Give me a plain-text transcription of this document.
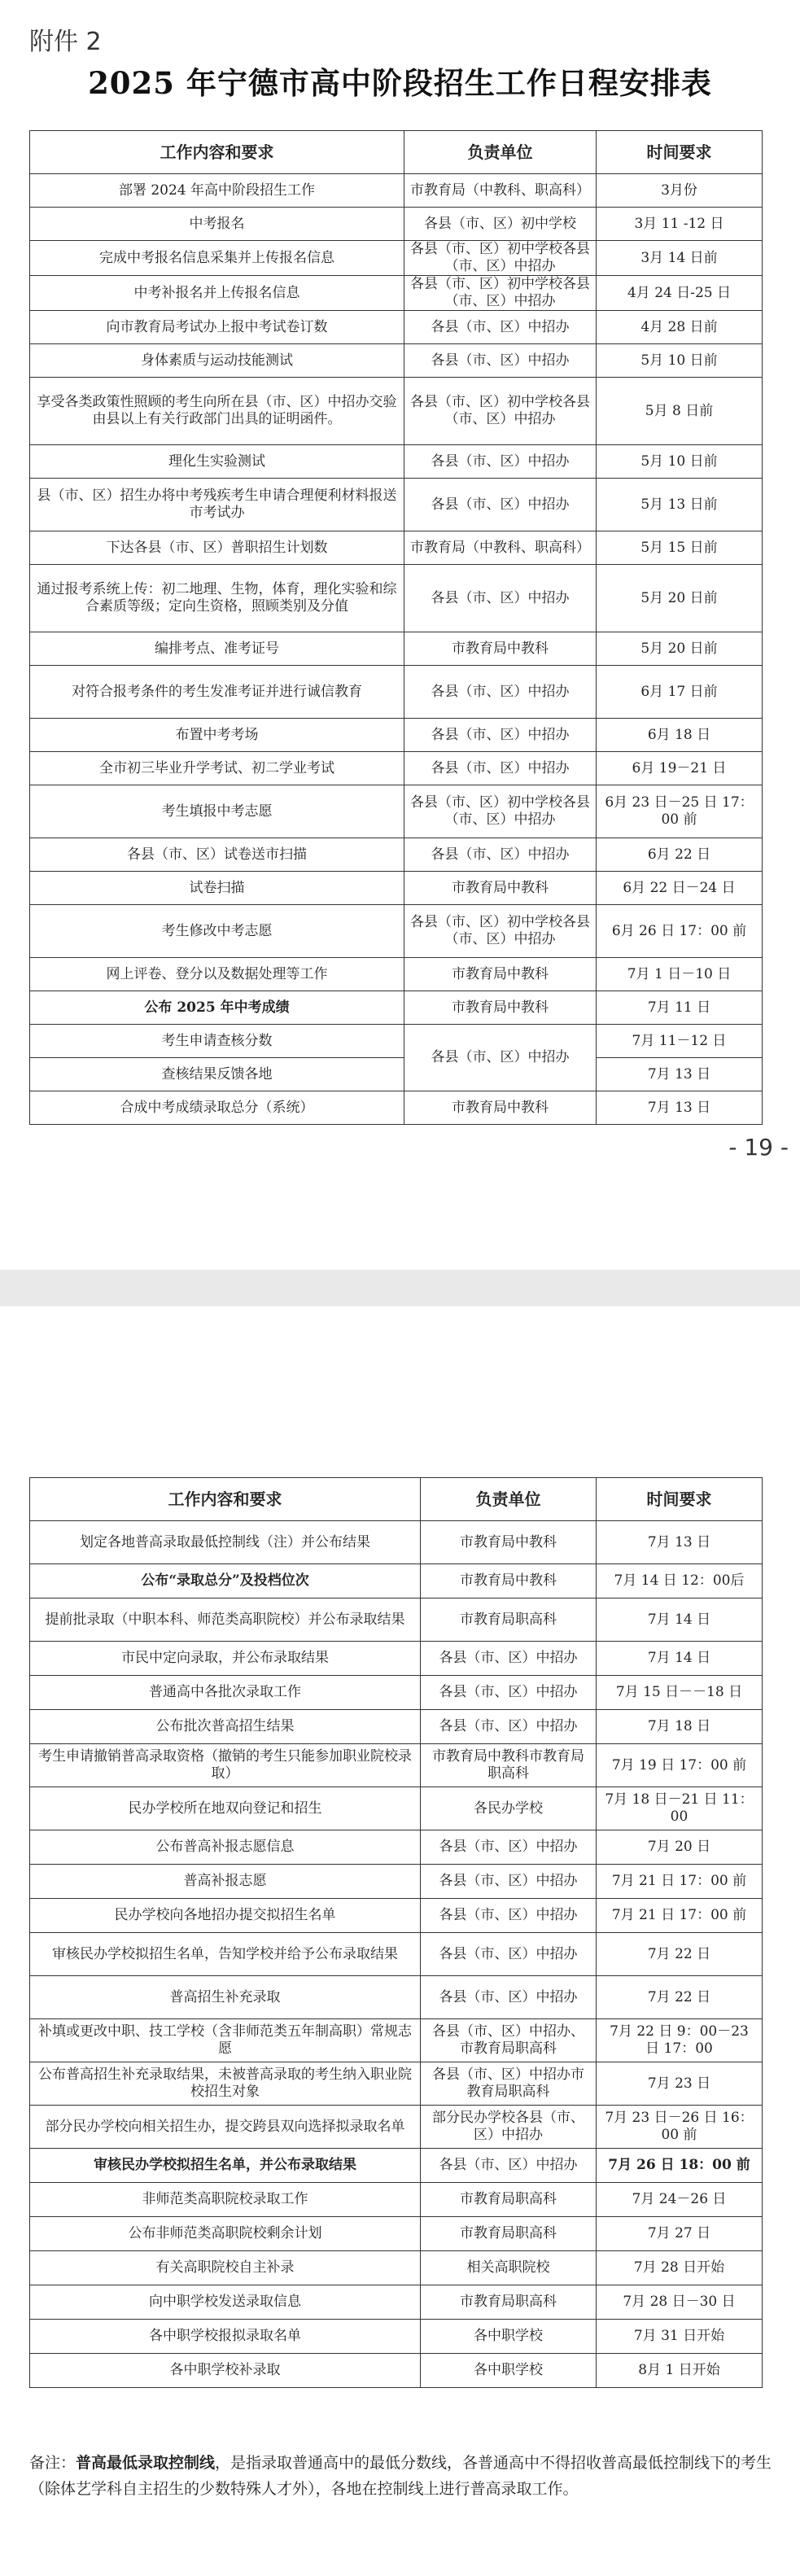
附件 2
2025 年宁德市高中阶段招生工作日程安排表
工作内容和要求	负责单位	时间要求
部署 2024 年高中阶段招生工作	市教育局（中教科、职高科）	3月份
中考报名	各县（市、区）初中学校	3月 11 -12 日
完成中考报名信息采集并上传报名信息	各县（市、区）初中学校各县（市、区）中招办	3月 14 日前
中考补报名并上传报名信息	各县（市、区）初中学校各县（市、区）中招办	4月 24 日-25 日
向市教育局考试办上报中考试卷订数	各县（市、区）中招办	4月 28 日前
身体素质与运动技能测试	各县（市、区）中招办	5月 10 日前
享受各类政策性照顾的考生向所在县（市、区）中招办交验由县以上有关行政部门出具的证明函件。	各县（市、区）初中学校各县（市、区）中招办	5月 8 日前
理化生实验测试	各县（市、区）中招办	5月 10 日前
县（市、区）招生办将中考残疾考生申请合理便利材料报送市考试办	各县（市、区）中招办	5月 13 日前
下达各县（市、区）普职招生计划数	市教育局（中教科、职高科）	5月 15 日前
通过报考系统上传：初二地理、生物，体育，理化实验和综合素质等级；定向生资格，照顾类别及分值	各县（市、区）中招办	5月 20 日前
编排考点、准考证号	市教育局中教科	5月 20 日前
对符合报考条件的考生发准考证并进行诚信教育	各县（市、区）中招办	6月 17 日前
布置中考考场	各县（市、区）中招办	6月 18 日
全市初三毕业升学考试、初二学业考试	各县（市、区）中招办	6月 19－21 日
考生填报中考志愿	各县（市、区）初中学校各县（市、区）中招办	6月 23 日－25 日 17：00 前
各县（市、区）试卷送市扫描	各县（市、区）中招办	6月 22 日
试卷扫描	市教育局中教科	6月 22 日－24 日
考生修改中考志愿	各县（市、区）初中学校各县（市、区）中招办	6月 26 日 17：00 前
网上评卷、登分以及数据处理等工作	市教育局中教科	7月 1 日－10 日
公布 2025 年中考成绩	市教育局中教科	7月 11 日
考生申请查核分数	各县（市、区）中招办	7月 11－12 日
查核结果反馈各地		7月 13 日
合成中考成绩录取总分（系统）	市教育局中教科	7月 13 日
- 19 -
工作内容和要求	负责单位	时间要求
划定各地普高录取最低控制线（注）并公布结果	市教育局中教科	7月 13 日
公布“录取总分”及投档位次	市教育局中教科	7月 14 日 12：00后
提前批录取（中职本科、师范类高职院校）并公布录取结果	市教育局职高科	7月 14 日
市民中定向录取，并公布录取结果	各县（市、区）中招办	7月 14 日
普通高中各批次录取工作	各县（市、区）中招办	7月 15 日－－18 日
公布批次普高招生结果	各县（市、区）中招办	7月 18 日
考生申请撤销普高录取资格（撤销的考生只能参加职业院校录取）	市教育局中教科市教育局职高科	7月 19 日 17：00 前
民办学校所在地双向登记和招生	各民办学校	7月 18 日－21 日 11：00
公布普高补报志愿信息	各县（市、区）中招办	7月 20 日
普高补报志愿	各县（市、区）中招办	7月 21 日 17：00 前
民办学校向各地招办提交拟招生名单	各县（市、区）中招办	7月 21 日 17：00 前
审核民办学校拟招生名单，告知学校并给予公布录取结果	各县（市、区）中招办	7月 22 日
普高招生补充录取	各县（市、区）中招办	7月 22 日
补填或更改中职、技工学校（含非师范类五年制高职）常规志愿	各县（市、区）中招办、市教育局职高科	7月 22 日 9：00－23 日 17：00
公布普高招生补充录取结果，未被普高录取的考生纳入职业院校招生对象	各县（市、区）中招办市教育局职高科	7月 23 日
部分民办学校向相关招生办，提交跨县双向选择拟录取名单	部分民办学校各县（市、区）中招办	7月 23 日－26 日 16：00 前
审核民办学校拟招生名单，并公布录取结果	各县（市、区）中招办	7月 26 日 18：00 前
非师范类高职院校录取工作	市教育局职高科	7月 24－26 日
公布非师范类高职院校剩余计划	市教育局职高科	7月 27 日
有关高职院校自主补录	相关高职院校	7月 28 日开始
向中职学校发送录取信息	市教育局职高科	7月 28 日－30 日
各中职学校报拟录取名单	各中职学校	7月 31 日开始
各中职学校补录取	各中职学校	8月 1 日开始
备注：普高最低录取控制线，是指录取普通高中的最低分数线，各普通高中不得招收普高最低控制线下的考生（除体艺学科自主招生的少数特殊人才外），各地在控制线上进行普高录取工作。
